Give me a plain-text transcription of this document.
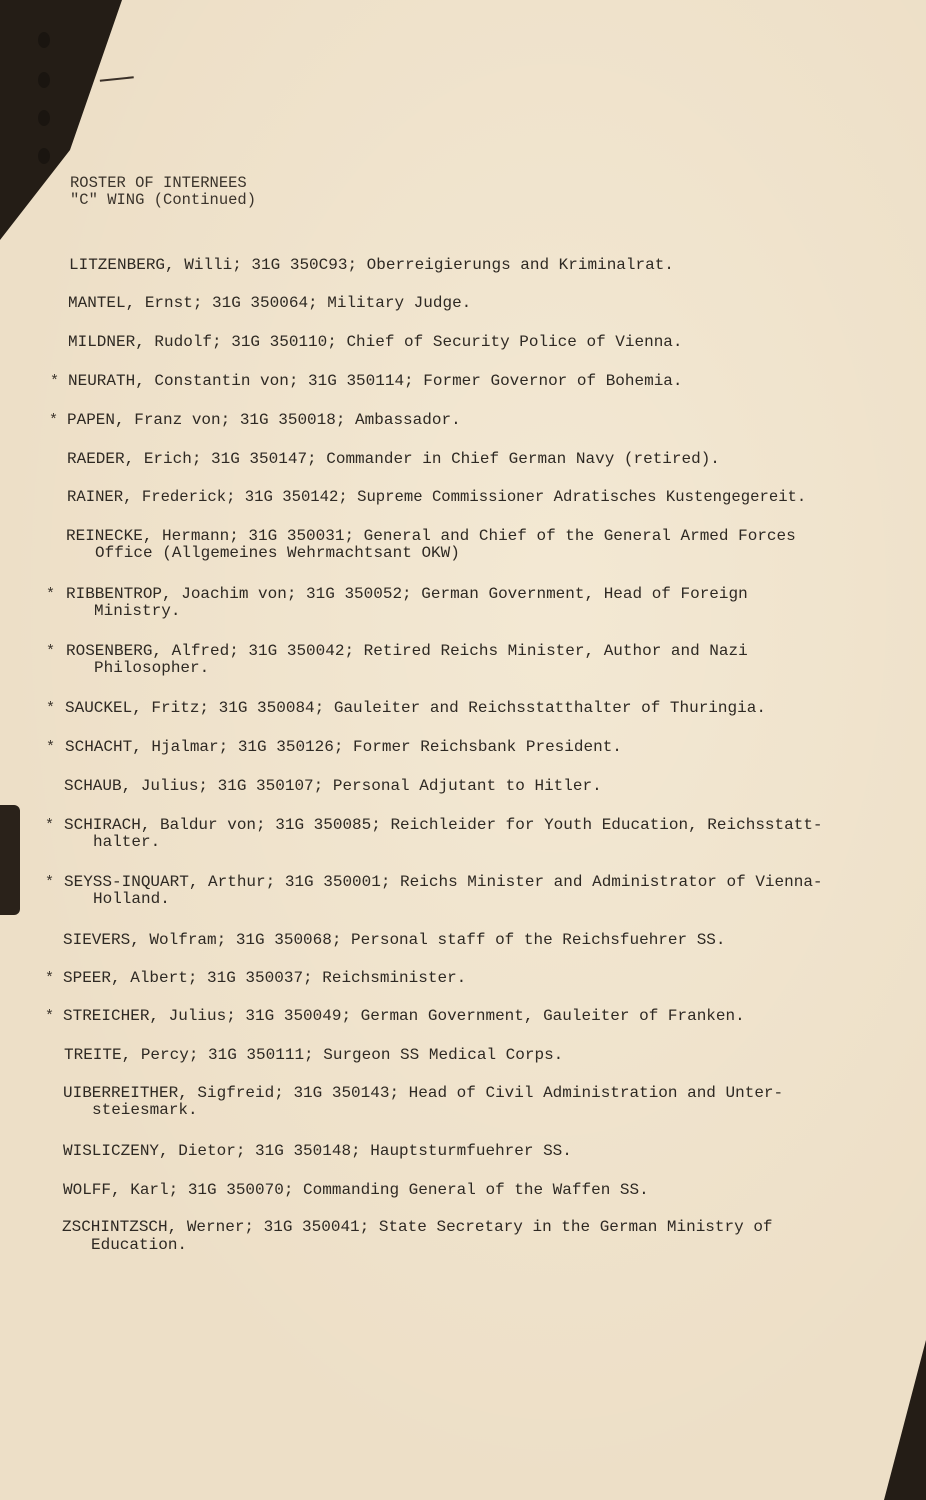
ROSTER OF INTERNEES
"C" WING (Continued)
LITZENBERG, Willi; 31G 350C93; Oberreigierungs and Kriminalrat.
MANTEL, Ernst; 31G 350064; Military Judge.
MILDNER, Rudolf; 31G 350110; Chief of Security Police of Vienna.
* NEURATH, Constantin von; 31G 350114; Former Governor of Bohemia.
* PAPEN, Franz von; 31G 350018; Ambassador.
RAEDER, Erich; 31G 350147; Commander in Chief German Navy (retired).
RAINER, Frederick; 31G 350142; Supreme Commissioner Adratisches Kustengegereit.
REINECKE, Hermann; 31G 350031; General and Chief of the General Armed Forces
Office (Allgemeines Wehrmachtsant OKW)
* RIBBENTROP, Joachim von; 31G 350052; German Government, Head of Foreign
Ministry.
* ROSENBERG, Alfred; 31G 350042; Retired Reichs Minister, Author and Nazi
Philosopher.
* SAUCKEL, Fritz; 31G 350084; Gauleiter and Reichsstatthalter of Thuringia.
* SCHACHT, Hjalmar; 31G 350126; Former Reichsbank President.
SCHAUB, Julius; 31G 350107; Personal Adjutant to Hitler.
* SCHIRACH, Baldur von; 31G 350085; Reichleider for Youth Education, Reichsstatt-
halter.
* SEYSS-INQUART, Arthur; 31G 350001; Reichs Minister and Administrator of Vienna-
Holland.
SIEVERS, Wolfram; 31G 350068; Personal staff of the Reichsfuehrer SS.
* SPEER, Albert; 31G 350037; Reichsminister.
* STREICHER, Julius; 31G 350049; German Government, Gauleiter of Franken.
TREITE, Percy; 31G 350111; Surgeon SS Medical Corps.
UIBERREITHER, Sigfreid; 31G 350143; Head of Civil Administration and Unter-
steiesmark.
WISLICZENY, Dietor; 31G 350148; Hauptsturmfuehrer SS.
WOLFF, Karl; 31G 350070; Commanding General of the Waffen SS.
ZSCHINTZSCH, Werner; 31G 350041; State Secretary in the German Ministry of
Education.
